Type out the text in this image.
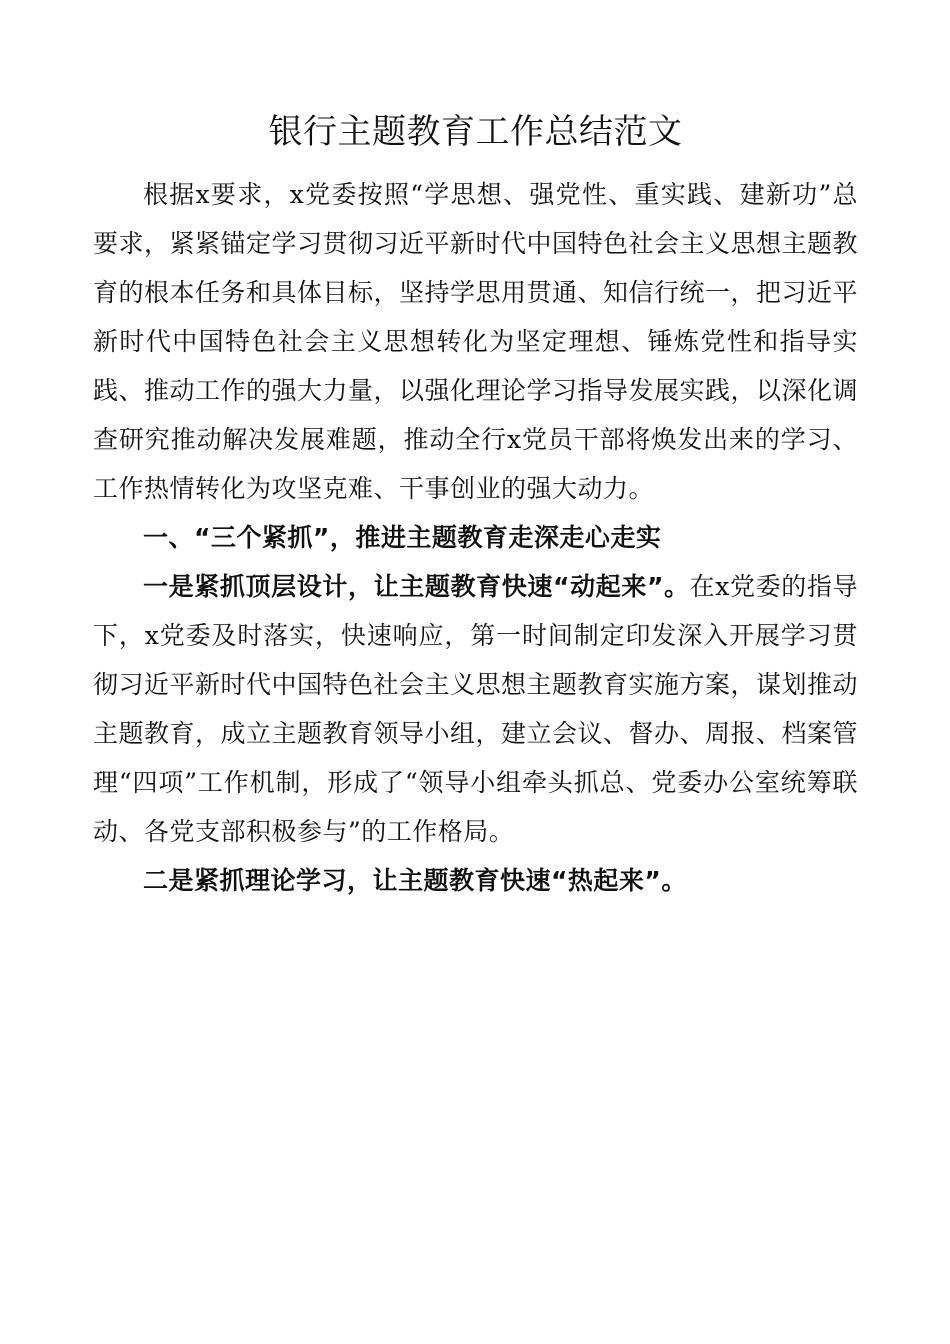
银行主题教育工作总结范文

根据x要求，x党委按照“学思想、强党性、重实践、建新功”总要求，紧紧锚定学习贯彻习近平新时代中国特色社会主义思想主题教育的根本任务和具体目标，坚持学思用贯通、知信行统一，把习近平新时代中国特色社会主义思想转化为坚定理想、锤炼党性和指导实践、推动工作的强大力量，以强化理论学习指导发展实践，以深化调查研究推动解决发展难题，推动全行x党员干部将焕发出来的学习、工作热情转化为攻坚克难、干事创业的强大动力。

一、“三个紧抓”，推进主题教育走深走心走实

一是紧抓顶层设计，让主题教育快速“动起来”。在x党委的指导下，x党委及时落实，快速响应，第一时间制定印发深入开展学习贯彻习近平新时代中国特色社会主义思想主题教育实施方案，谋划推动主题教育，成立主题教育领导小组，建立会议、督办、周报、档案管理“四项”工作机制，形成了“领导小组牵头抓总、党委办公室统筹联动、各党支部积极参与”的工作格局。

二是紧抓理论学习，让主题教育快速“热起来”。
